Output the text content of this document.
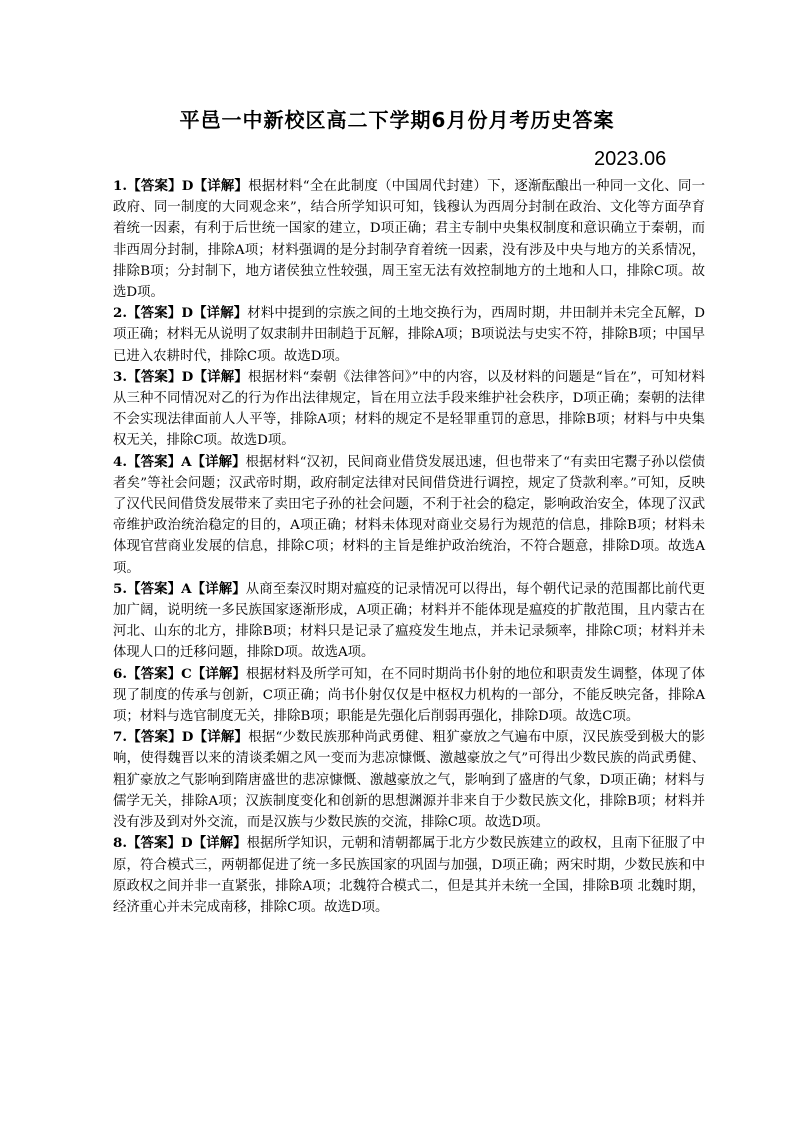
平邑一中新校区高二下学期6月份月考历史答案
2023.06

1.【答案】D【详解】根据材料“全在此制度（中国周代封建）下，逐渐酝酿出一种同一文化、同一政府、同一制度的大同观念来”，结合所学知识可知，钱穆认为西周分封制在政治、文化等方面孕育着统一因素，有利于后世统一国家的建立，D项正确；君主专制中央集权制度和意识确立于秦朝，而非西周分封制，排除A项；材料强调的是分封制孕育着统一因素，没有涉及中央与地方的关系情况，排除B项；分封制下，地方诸侯独立性较强，周王室无法有效控制地方的土地和人口，排除C项。故选D项。

2.【答案】D【详解】材料中提到的宗族之间的土地交换行为，西周时期，井田制并未完全瓦解，D项正确；材料无从说明了奴隶制井田制趋于瓦解，排除A项；B项说法与史实不符，排除B项；中国早已进入农耕时代，排除C项。故选D项。

3.【答案】D【详解】根据材料“秦朝《法律答问》”中的内容，以及材料的问题是“旨在”，可知材料从三种不同情况对乙的行为作出法律规定，旨在用立法手段来维护社会秩序，D项正确；秦朝的法律不会实现法律面前人人平等，排除A项；材料的规定不是轻罪重罚的意思，排除B项；材料与中央集权无关，排除C项。故选D项。

4.【答案】A【详解】根据材料“汉初，民间商业借贷发展迅速，但也带来了“有卖田宅鬻子孙以偿债者矣”等社会问题；汉武帝时期，政府制定法律对民间借贷进行调控，规定了贷款利率。”可知，反映了汉代民间借贷发展带来了卖田宅子孙的社会问题，不利于社会的稳定，影响政治安全，体现了汉武帝维护政治统治稳定的目的，A项正确；材料未体现对商业交易行为规范的信息，排除B项；材料未体现官营商业发展的信息，排除C项；材料的主旨是维护政治统治，不符合题意，排除D项。故选A项。

5.【答案】A【详解】从商至秦汉时期对瘟疫的记录情况可以得出，每个朝代记录的范围都比前代更加广阔，说明统一多民族国家逐渐形成，A项正确；材料并不能体现是瘟疫的扩散范围，且内蒙古在河北、山东的北方，排除B项；材料只是记录了瘟疫发生地点，并未记录频率，排除C项；材料并未体现人口的迁移问题，排除D项。故选A项。

6.【答案】C【详解】根据材料及所学可知，在不同时期尚书仆射的地位和职责发生调整，体现了体现了制度的传承与创新，C项正确；尚书仆射仅仅是中枢权力机构的一部分，不能反映完备，排除A项；材料与选官制度无关，排除B项；职能是先强化后削弱再强化，排除D项。故选C项。

7.【答案】D【详解】根据“少数民族那种尚武勇健、粗犷豪放之气遍布中原，汉民族受到极大的影响，使得魏晋以来的清谈柔媚之风一变而为悲凉慷慨、激越豪放之气”可得出少数民族的尚武勇健、粗犷豪放之气影响到隋唐盛世的悲凉慷慨、激越豪放之气，影响到了盛唐的气象，D项正确；材料与儒学无关，排除A项；汉族制度变化和创新的思想渊源并非来自于少数民族文化，排除B项；材料并没有涉及到对外交流，而是汉族与少数民族的交流，排除C项。故选D项。

8.【答案】D【详解】根据所学知识，元朝和清朝都属于北方少数民族建立的政权，且南下征服了中原，符合模式三，两朝都促进了统一多民族国家的巩固与加强，D项正确；两宋时期，少数民族和中原政权之间并非一直紧张，排除A项；北魏符合模式二，但是其并未统一全国，排除B项 北魏时期，经济重心并未完成南移，排除C项。故选D项。
